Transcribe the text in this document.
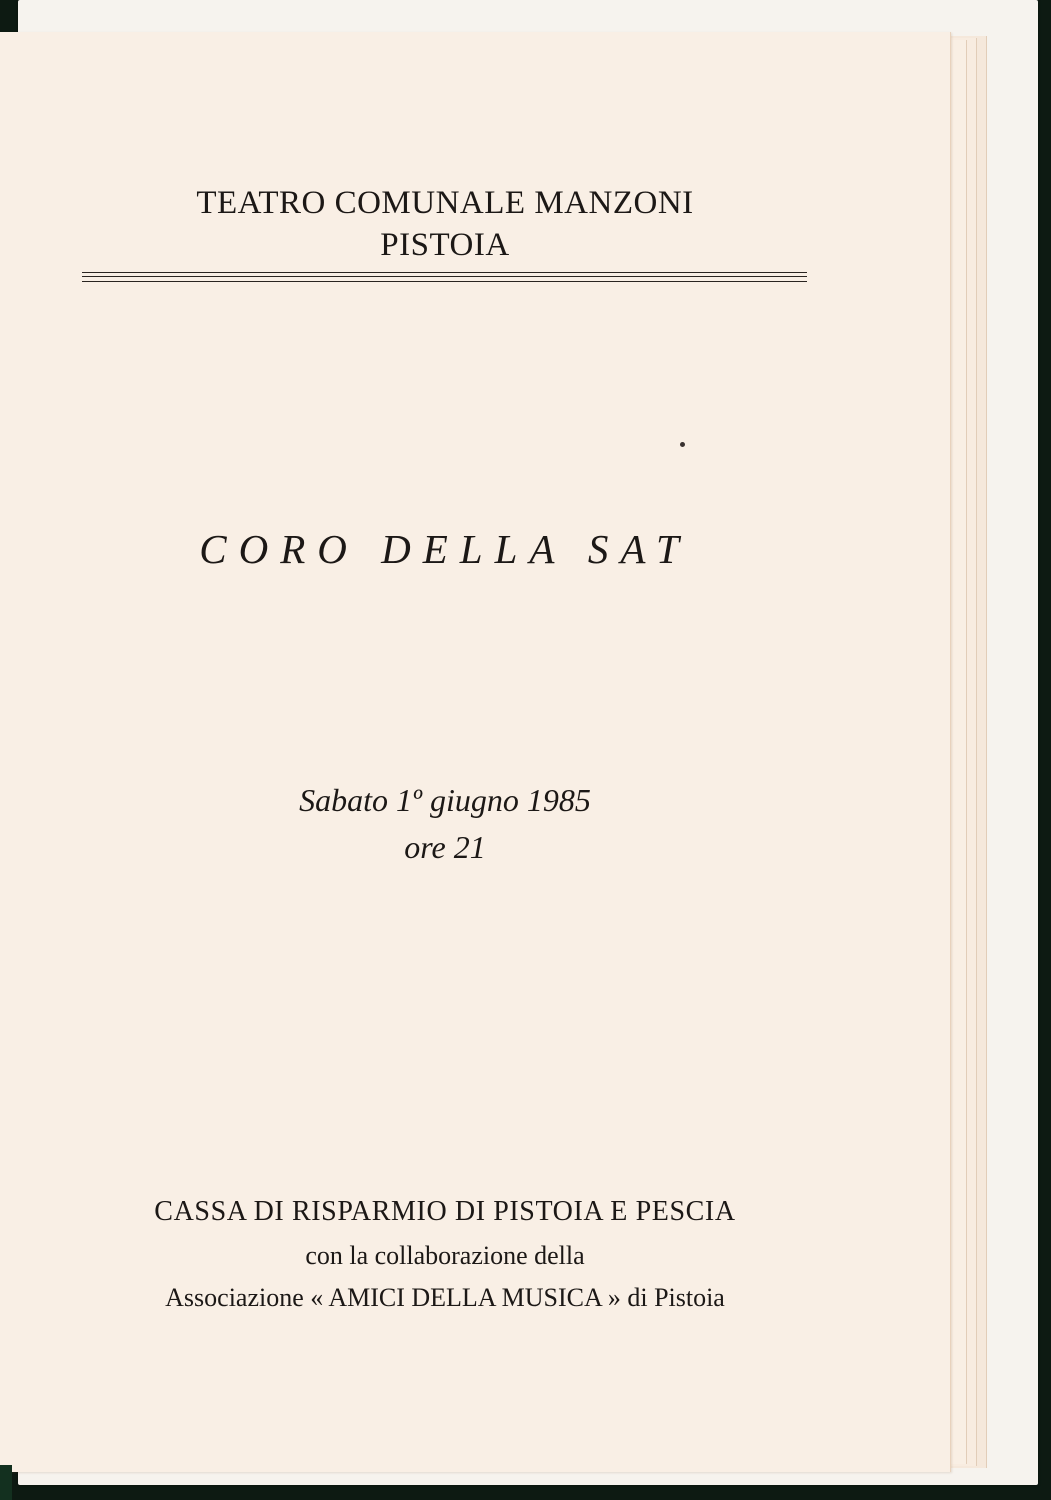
TEATRO COMUNALE MANZONI
PISTOIA
CORO DELLA SAT
Sabato 1º giugno 1985
ore 21
CASSA DI RISPARMIO DI PISTOIA E PESCIA
con la collaborazione della
Associazione « AMICI DELLA MUSICA » di Pistoia
